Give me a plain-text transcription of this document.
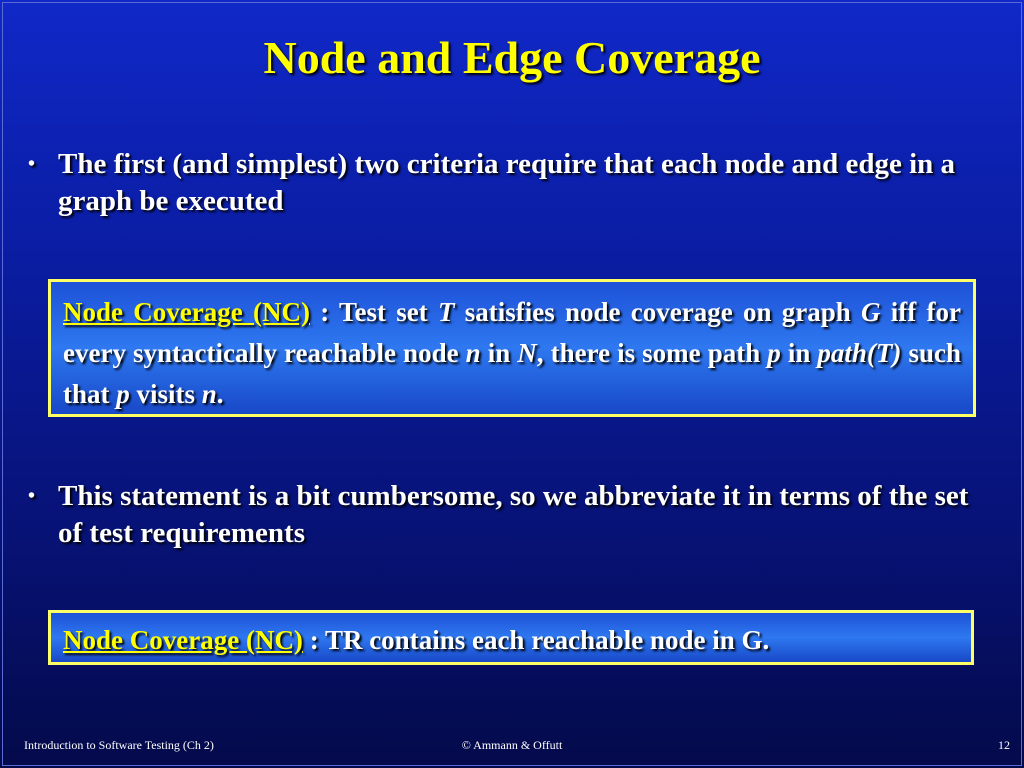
Node and Edge Coverage
• The first (and simplest) two criteria require that each node and edge in a graph be executed
Node Coverage (NC) : Test set T satisfies node coverage on graph G iff for every syntactically reachable node n in N, there is some path p in path(T) such that p visits n.
• This statement is a bit cumbersome, so we abbreviate it in terms of the set of test requirements
Node Coverage (NC) : TR contains each reachable node in G.
Introduction to Software Testing (Ch 2)	© Ammann & Offutt	12
